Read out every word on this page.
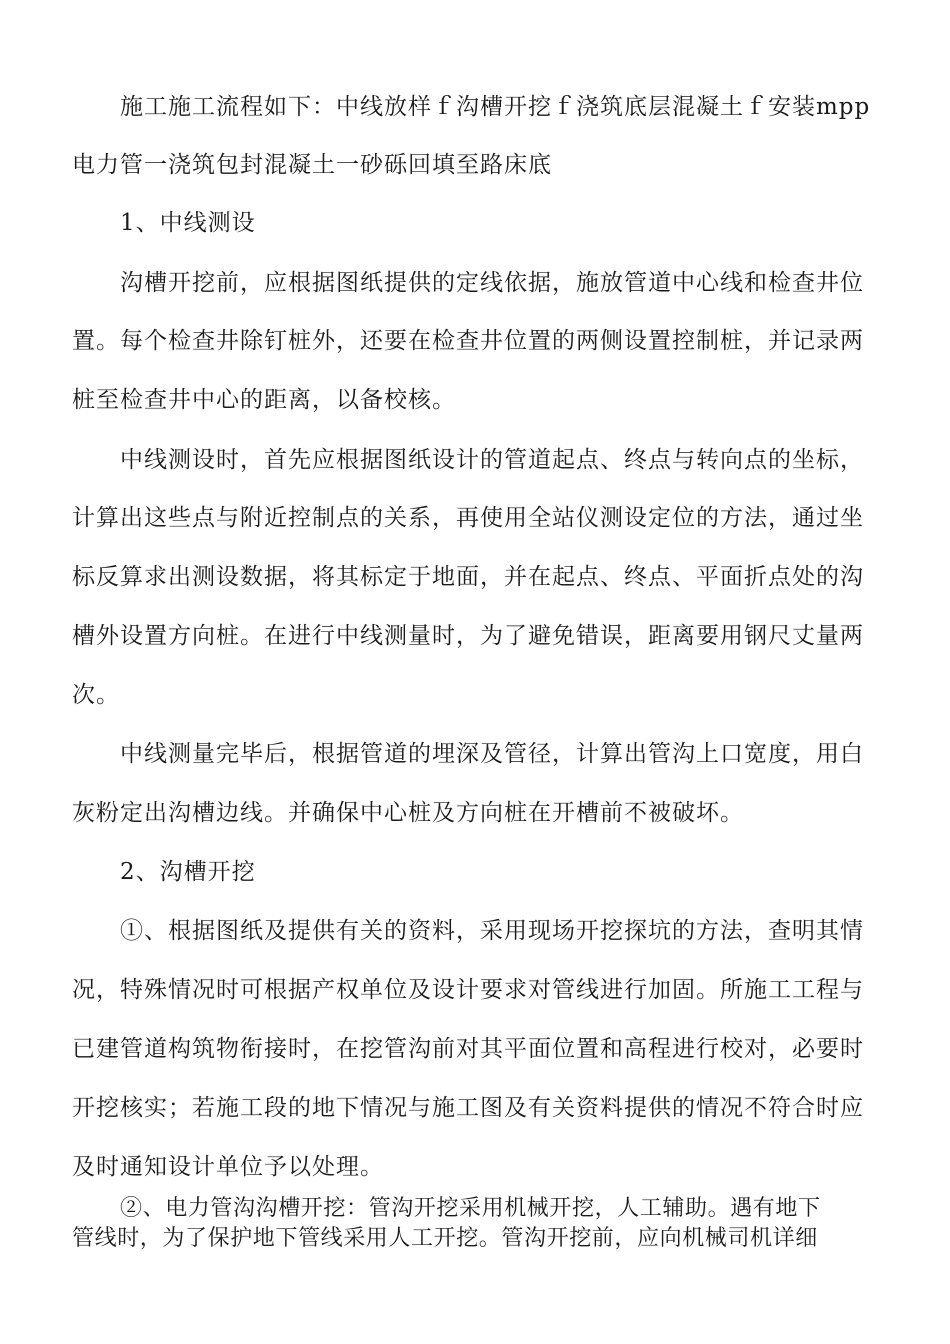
施工施工流程如下：中线放样ｆ沟槽开挖ｆ浇筑底层混凝土ｆ安装mpp
电力管一浇筑包封混凝土一砂砾回填至路床底
1、中线测设
沟槽开挖前，应根据图纸提供的定线依据，施放管道中心线和检查井位
置。每个检查井除钉桩外，还要在检查井位置的两侧设置控制桩，并记录两
桩至检查井中心的距离，以备校核。
中线测设时，首先应根据图纸设计的管道起点、终点与转向点的坐标，
计算出这些点与附近控制点的关系，再使用全站仪测设定位的方法，通过坐
标反算求出测设数据，将其标定于地面，并在起点、终点、平面折点处的沟
槽外设置方向桩。在进行中线测量时，为了避免错误，距离要用钢尺丈量两
次。
中线测量完毕后，根据管道的埋深及管径，计算出管沟上口宽度，用白
灰粉定出沟槽边线。并确保中心桩及方向桩在开槽前不被破坏。
2、沟槽开挖
①、根据图纸及提供有关的资料，采用现场开挖探坑的方法，查明其情
况，特殊情况时可根据产权单位及设计要求对管线进行加固。所施工工程与
已建管道构筑物衔接时，在挖管沟前对其平面位置和高程进行校对，必要时
开挖核实；若施工段的地下情况与施工图及有关资料提供的情况不符合时应
及时通知设计单位予以处理。
②、电力管沟沟槽开挖：管沟开挖采用机械开挖，人工辅助。遇有地下
管线时，为了保护地下管线采用人工开挖。管沟开挖前，应向机械司机详细
